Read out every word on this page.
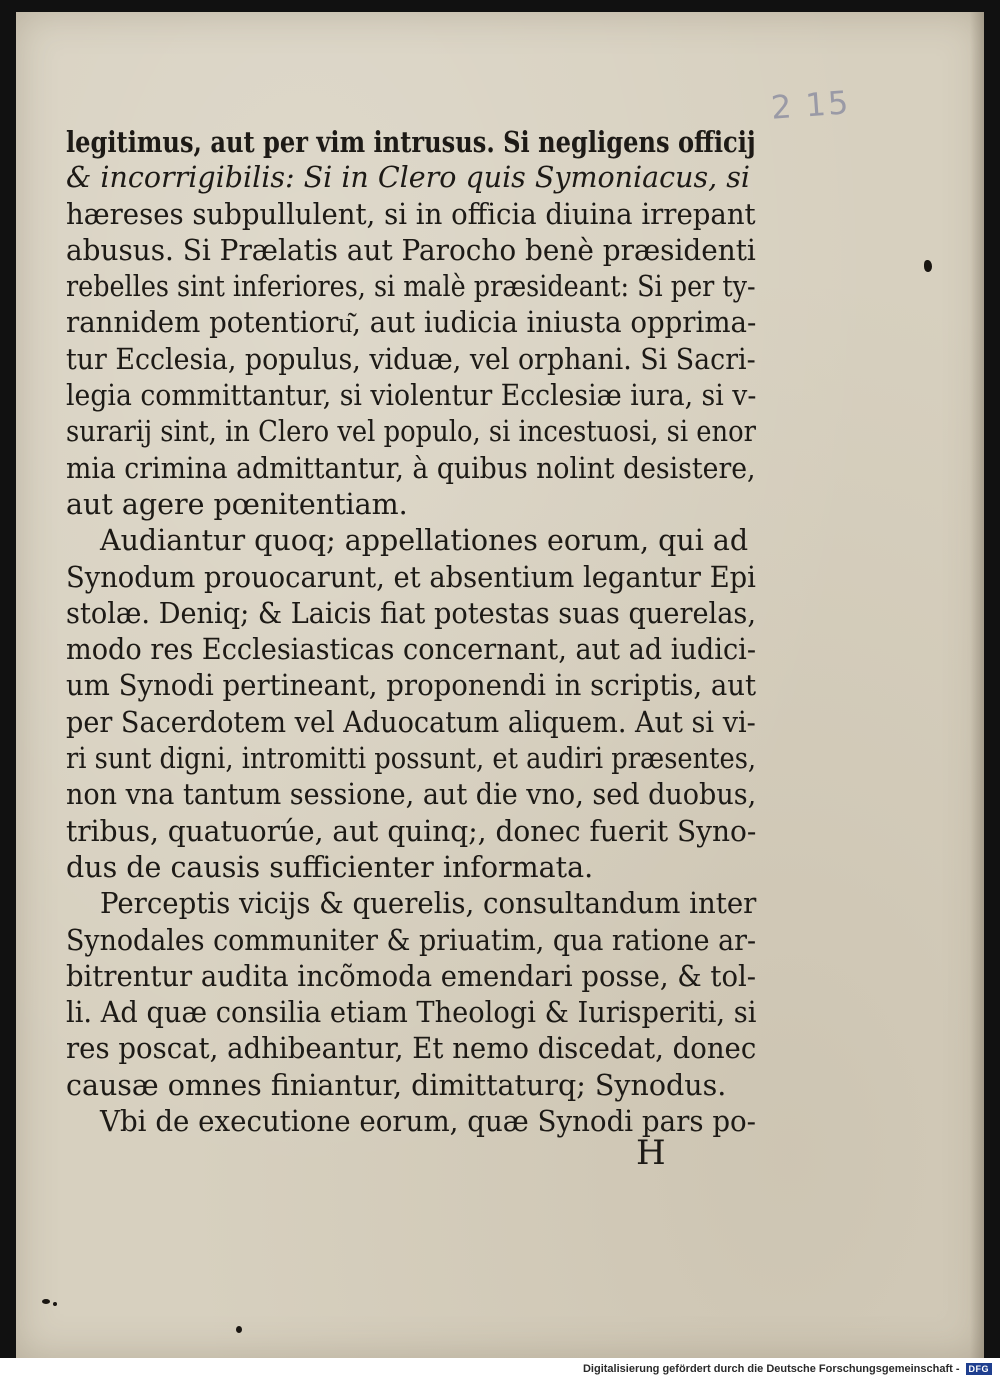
2 15
legitimus, aut per vim intrusus. Si negligens officij
& incorrigibilis: Si in Clero quis Symoniacus, si
hæreses subpullulent, si in officia diuina irrepant
abusus. Si Prælatis aut Parocho benè præsidenti
rebelles sint inferiores, si malè præsideant: Si per ty-
rannidem potentioru͂, aut iudicia iniusta opprima-
tur Ecclesia, populus, viduæ, vel orphani. Si Sacri-
legia committantur, si violentur Ecclesiæ iura, si v-
surarij sint, in Clero vel populo, si incestuosi, si enor
mia crimina admittantur, à quibus nolint desistere,
aut agere pœnitentiam.
Audiantur quoq; appellationes eorum, qui ad
Synodum prouocarunt, et absentium legantur Epi
stolæ. Deniq; & Laicis fiat potestas suas querelas,
modo res Ecclesiasticas concernant, aut ad iudici-
um Synodi pertineant, proponendi in scriptis, aut
per Sacerdotem vel Aduocatum aliquem. Aut si vi-
ri sunt digni, intromitti possunt, et audiri præsentes,
non vna tantum sessione, aut die vno, sed duobus,
tribus, quatuorúe, aut quinq;, donec fuerit Syno-
dus de causis sufficienter informata.
Perceptis vicijs & querelis, consultandum inter
Synodales communiter & priuatim, qua ratione ar-
bitrentur audita incõmoda emendari posse, & tol-
li. Ad quæ consilia etiam Theologi & Iurisperiti, si
res poscat, adhibeantur, Et nemo discedat, donec
causæ omnes finiantur, dimittaturq; Synodus.
Vbi de executione eorum, quæ Synodi pars po-
H
Digitalisierung gefördert durch die Deutsche Forschungsgemeinschaft -	DFG
